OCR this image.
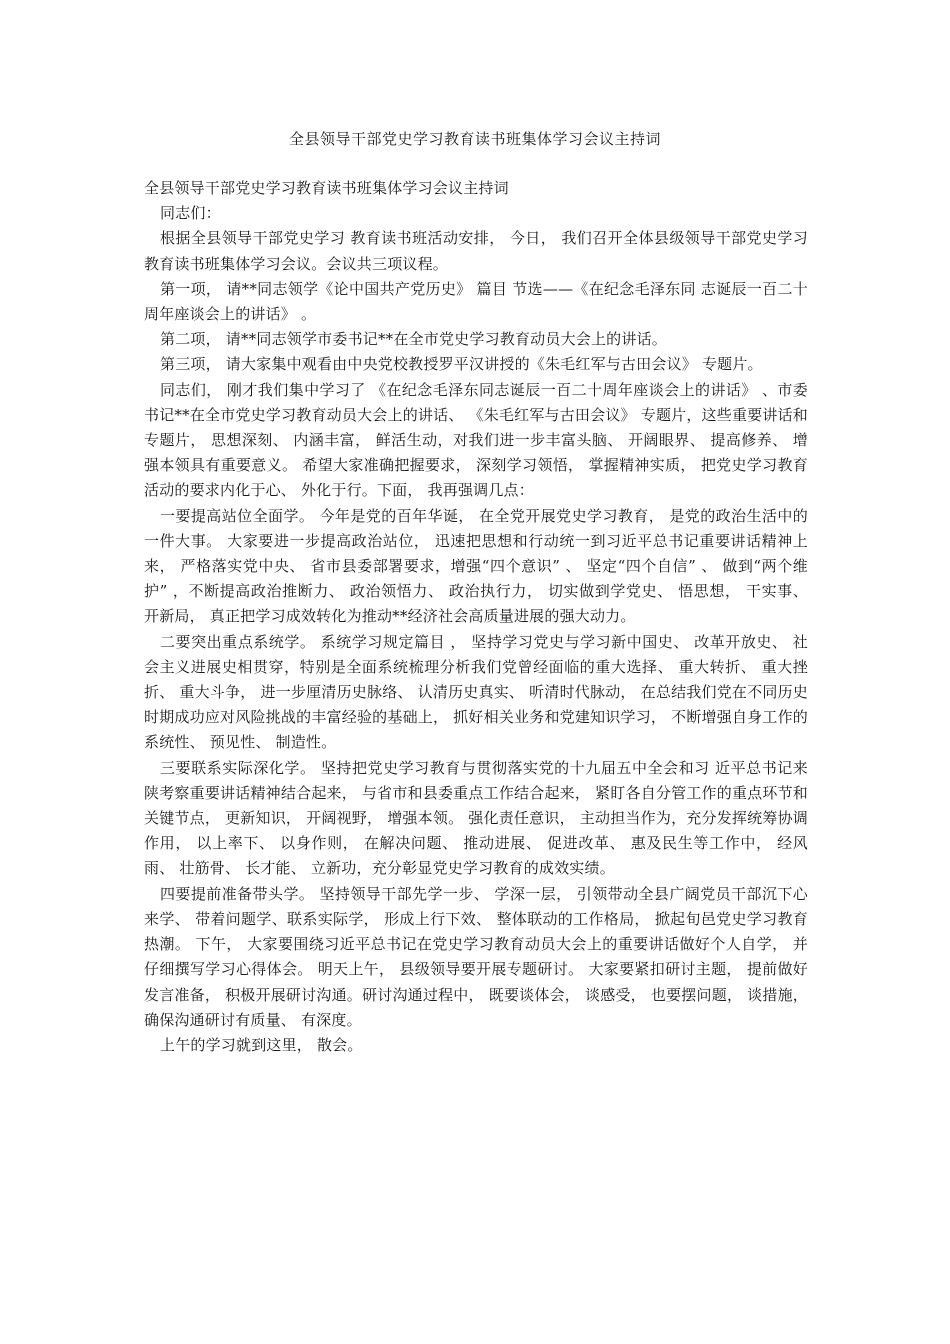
全县领导干部党史学习教育读书班集体学习会议主持词

全县领导干部党史学习教育读书班集体学习会议主持词

同志们：

根据全县领导干部党史学习 教育读书班活动安排， 今日， 我们召开全体县级领导干部党史学习教育读书班集体学习会议。会议共三项议程。

第一项， 请**同志领学《论中国共产党历史》 篇目 节选——《在纪念毛泽东同 志诞辰一百二十周年座谈会上的讲话》 。

第二项， 请**同志领学市委书记**在全市党史学习教育动员大会上的讲话。

第三项， 请大家集中观看由中央党校教授罗平汉讲授的《朱毛红军与古田会议》 专题片。

同志们， 刚才我们集中学习了 《在纪念毛泽东同志诞辰一百二十周年座谈会上的讲话》 、市委书记**在全市党史学习教育动员大会上的讲话、 《朱毛红军与古田会议》 专题片，这些重要讲话和专题片， 思想深刻、 内涵丰富， 鲜活生动，对我们进一步丰富头脑、 开阔眼界、 提高修养、 增强本领具有重要意义。 希望大家准确把握要求， 深刻学习领悟， 掌握精神实质， 把党史学习教育活动的要求内化于心、 外化于行。下面， 我再强调几点：

一要提高站位全面学。 今年是党的百年华诞， 在全党开展党史学习教育， 是党的政治生活中的一件大事。 大家要进一步提高政治站位， 迅速把思想和行动统一到习近平总书记重要讲话精神上来， 严格落实党中央、 省市县委部署要求，增强“四个意识” 、 坚定“四个自信” 、 做到“两个维护” ，不断提高政治推断力、 政治领悟力、 政治执行力， 切实做到学党史、 悟思想， 干实事、 开新局， 真正把学习成效转化为推动**经济社会高质量进展的强大动力。

二要突出重点系统学。 系统学习规定篇目 ， 坚持学习党史与学习新中国史、 改革开放史、 社会主义进展史相贯穿，特别是全面系统梳理分析我们党曾经面临的重大选择、 重大转折、 重大挫折、 重大斗争， 进一步厘清历史脉络、 认清历史真实、 听清时代脉动， 在总结我们党在不同历史时期成功应对风险挑战的丰富经验的基础上， 抓好相关业务和党建知识学习， 不断增强自身工作的系统性、 预见性、 制造性。

三要联系实际深化学。 坚持把党史学习教育与贯彻落实党的十九届五中全会和习 近平总书记来陕考察重要讲话精神结合起来， 与省市和县委重点工作结合起来， 紧盯各自分管工作的重点环节和关键节点， 更新知识， 开阔视野， 增强本领。 强化责任意识， 主动担当作为，充分发挥统筹协调作用， 以上率下、 以身作则， 在解决问题、 推动进展、 促进改革、 惠及民生等工作中， 经风雨、 壮筋骨、 长才能、 立新功，充分彰显党史学习教育的成效实绩。

四要提前准备带头学。 坚持领导干部先学一步、 学深一层， 引领带动全县广阔党员干部沉下心来学、 带着问题学、联系实际学， 形成上行下效、 整体联动的工作格局， 掀起旬邑党史学习教育热潮。 下午， 大家要围绕习近平总书记在党史学习教育动员大会上的重要讲话做好个人自学， 并仔细撰写学习心得体会。 明天上午， 县级领导要开展专题研讨。 大家要紧扣研讨主题， 提前做好发言准备， 积极开展研讨沟通。研讨沟通过程中， 既要谈体会， 谈感受， 也要摆问题， 谈措施， 确保沟通研讨有质量、 有深度。

上午的学习就到这里， 散会。
